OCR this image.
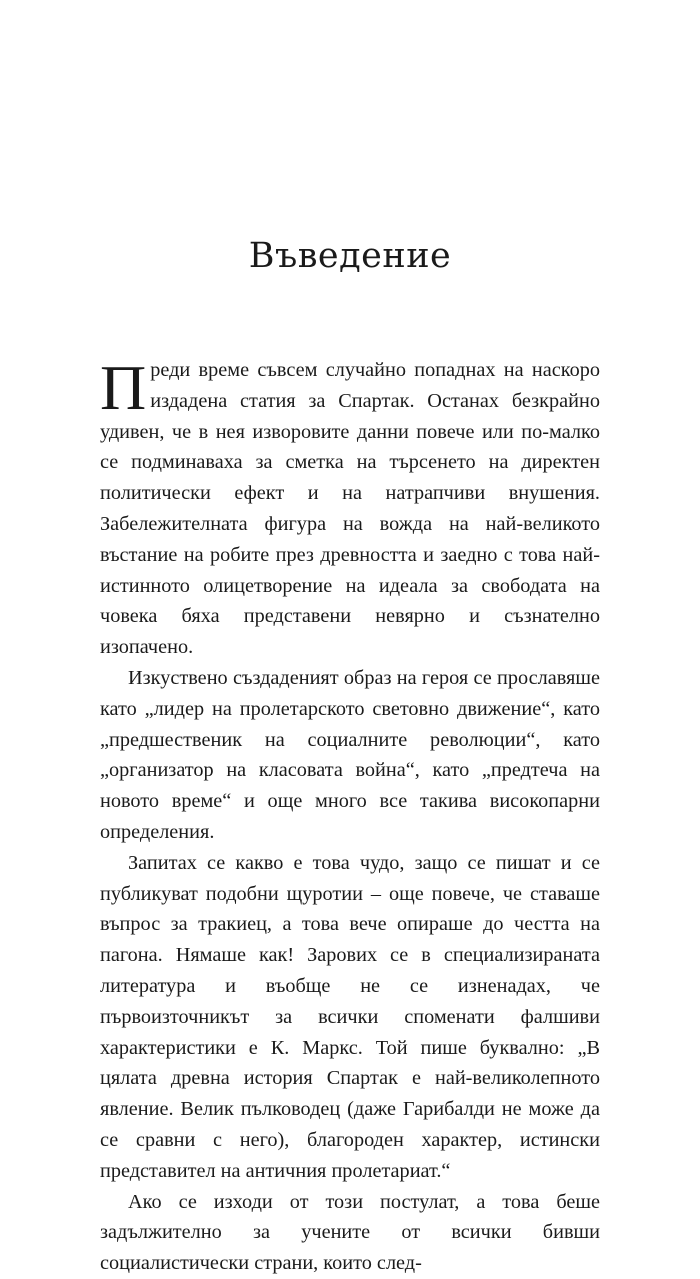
Въведение

Преди време съвсем случайно попаднах на наскоро издадена статия за Спартак. Останах безкрайно удивен, че в нея изворовите данни повече или по-малко се подминаваха за сметка на търсенето на директен политически ефект и на натрапчиви внушения. Забележителната фигура на вожда на най-великото въстание на робите през древността и заедно с това най-истинното олицетворение на идеала за свободата на човека бяха представени невярно и съзнателно изопачено.

Изкуствено създаденият образ на героя се прославяше като „лидер на пролетарското световно движение“, като „предшественик на социалните революции“, като „организатор на класовата война“, като „предтеча на новото време“ и още много все такива високопарни определения.

Запитах се какво е това чудо, защо се пишат и се публикуват подобни щуротии – още повече, че ставаше въпрос за тракиец, а това вече опираше до честта на пагона. Нямаше как! Заровиx се в специализираната литература и въобще не се изненадах, че първоизточникът за всички споменати фалшиви характеристики е К. Маркс. Той пише буквално: „В цялата древна история Спартак е най-великолепното явление. Велик пълководец (даже Гарибалди не може да се сравни с него), благороден характер, истински представител на античния пролетариат.“

Ако се изходи от този постулат, а това беше задължително за учените от всички бивши социалистически страни, които след-
